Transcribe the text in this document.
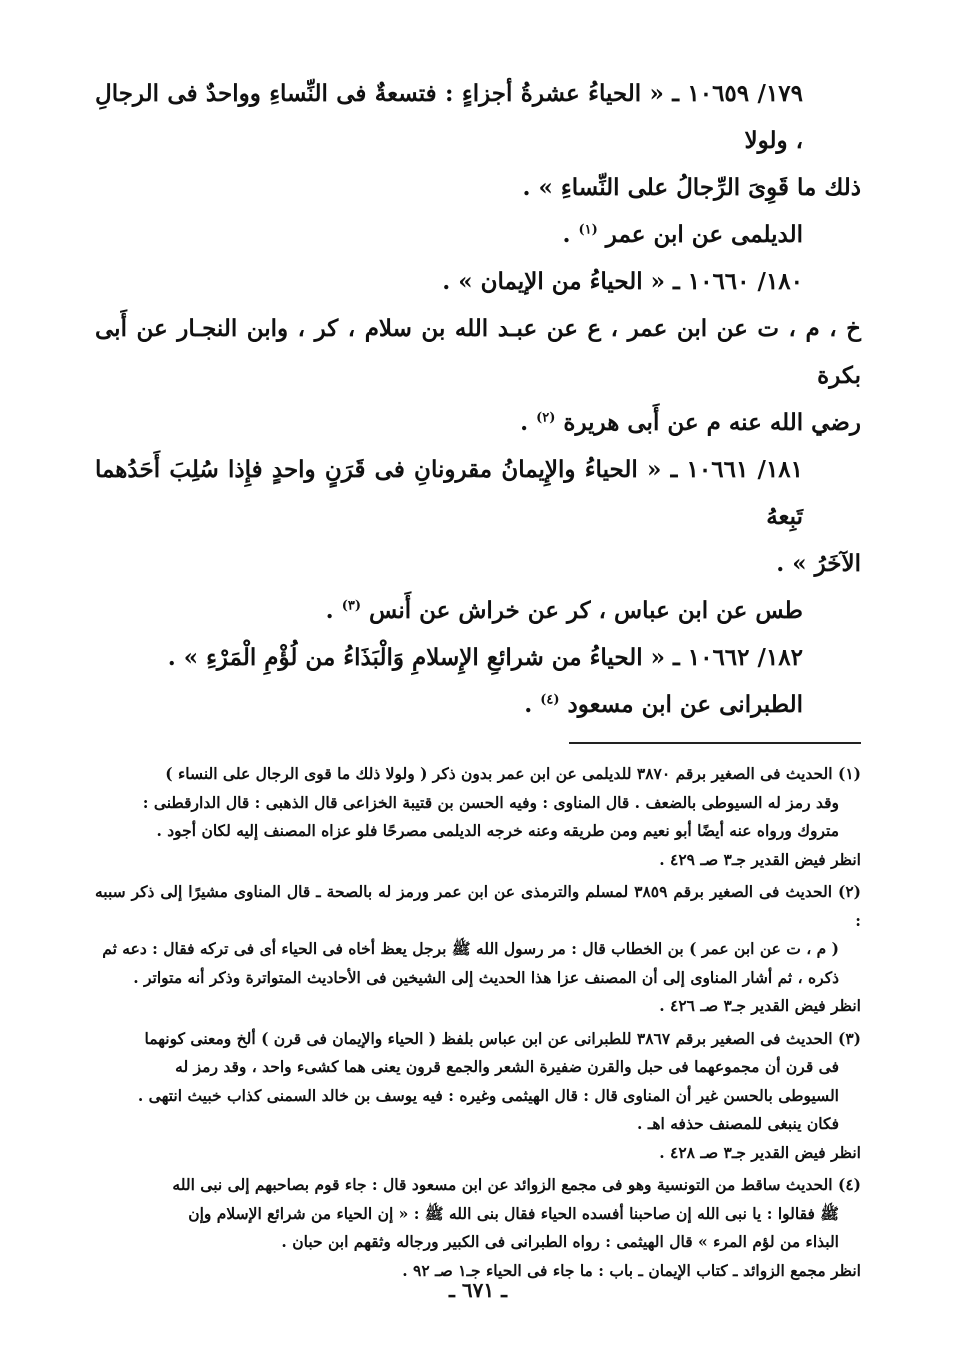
١٧٩/ ١٠٦٥٩ ـ « الحياءُ عشرةُ أجزاءٍ : فتسعةٌ فى النِّساءِ وواحدٌ فى الرجالِ ، ولولا

ذلك ما قَوِىَ الرِّجالُ على النِّساءِ » .

الديلمى عن ابن عمر $^{(١)}$ .

١٨٠/ ١٠٦٦٠ ـ « الحياءُ من الإيمان » .

خ ، م ، ت عن ابن عمر ، ع عن عبـد الله بن سلام ، كر ، وابن النجـار عن أَبى بكرة

رضي الله عنه م عن أَبى هريرة $^{(٢)}$ .

١٨١/ ١٠٦٦١ ـ « الحياءُ والإِيمانُ مقرونانِ فى قَرَنٍ واحدٍ فإِذا سُلِبَ أَحَدُهما تَبِعهُ

الآخَرُ » .

طس عن ابن عباس ، كر عن خراش عن أَنس $^{(٣)}$ .

١٨٢/ ١٠٦٦٢ ـ « الحياءُ من شرائعِ الإِسلامِ وَالْبَذَاءُ من لُؤْمِ الْمَرْءِ » .

الطبرانى عن ابن مسعود $^{(٤)}$ .

(١) الحديث فى الصغير برقم ٣٨٧٠ للديلمى عن ابن عمر بدون ذكر ( ولولا ذلك ما قوى الرجال على النساء )
وقد رمز له السيوطى بالضعف . قال المناوى : وفيه الحسن بن قتيبة الخزاعى قال الذهبى : قال الدارقطنى :
متروك ورواه عنه أيضًا أبو نعيم ومن طريقه وعنه خرجه الديلمى مصرحًا فلو عزاه المصنف إليه لكان أجود .
انظر فيض القدير جـ٣ صـ ٤٢٩ .
(٢) الحديث فى الصغير برقم ٣٨٥٩ لمسلم والترمذى عن ابن عمر ورمز له بالصحة ـ قال المناوى مشيرًا إلى ذكر سببه :
( م ، ت عن ابن عمر ) بن الخطاب قال : مر رسول الله ﷺ برجل يعظ أخاه فى الحياء أى فى تركه فقال : دعه ثم
ذكره ، ثم أشار المناوى إلى أن المصنف عزا هذا الحديث إلى الشيخين فى الأحاديث المتواترة وذكر أنه متواتر .
انظر فيض القدير جـ٣ صـ ٤٢٦ .
(٣) الحديث فى الصغير برقم ٣٨٦٧ للطبرانى عن ابن عباس بلفظ ( الحياء والإيمان فى قرن ) ألخ ومعنى كونهما
فى قرن أن مجموعهما فى حبل والقرن ضفيرة الشعر والجمع قرون يعنى هما كشىء واحد ، وقد رمز له
السيوطى بالحسن غير أن المناوى قال : قال الهيثمى وغيره : فيه يوسف بن خالد السمنى كذاب خبيث انتهى .
فكان ينبغى للمصنف حذفه اهـ .
انظر فيض القدير جـ٣ صـ ٤٢٨ .
(٤) الحديث ساقط من التونسية وهو فى مجمع الزوائد عن ابن مسعود قال : جاء قوم بصاحبهم إلى نبى الله
ﷺ فقالوا : يا نبى الله إن صاحبنا أفسده الحياء فقال بنى الله ﷺ : « إن الحياء من شرائع الإسلام وإن
البذاء من لؤم المرء » قال الهيثمى : رواه الطبرانى فى الكبير ورجاله وثقهم ابن حبان .
انظر مجمع الزوائد ـ كتاب الإيمان ـ باب : ما جاء فى الحياء جـ١ صـ ٩٢ .
ـ ٦٧١ ـ
